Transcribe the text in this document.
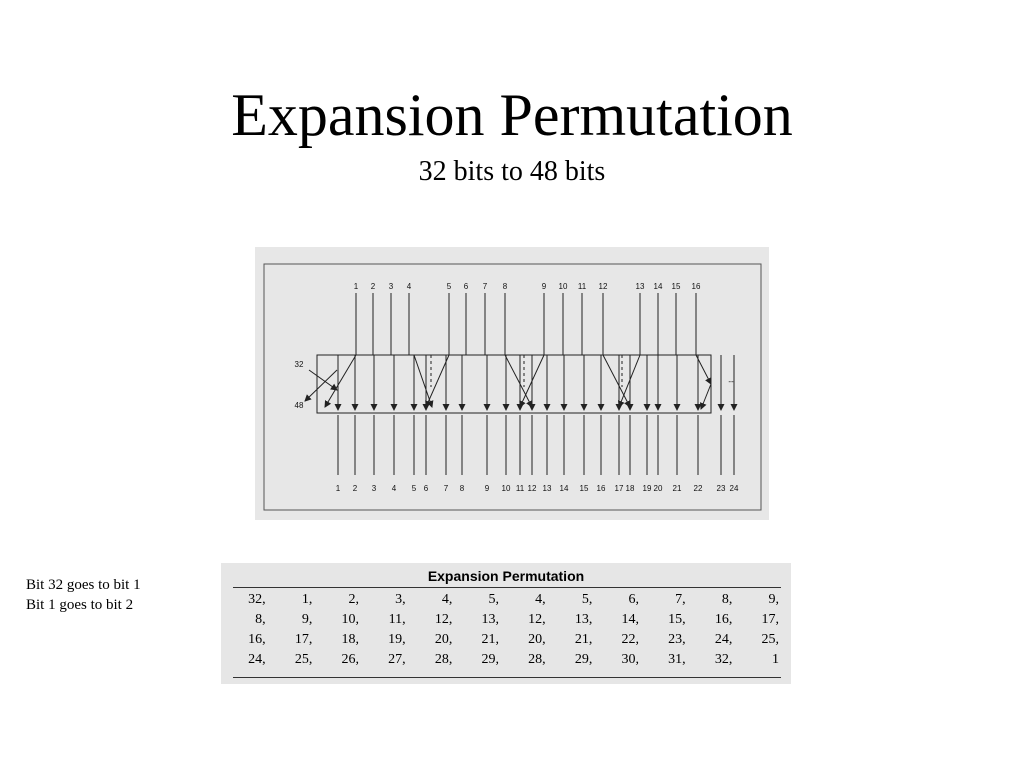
Expansion Permutation
32 bits to 48 bits
1 2 3 4	5 6 7 8	9 10 11 12	13 14 15 16
1 2 3 4 5 6 7 8	9 10 11 12 13 14 15 16 17 18 19 20 21 22 23 24
32
48
--
Bit 32 goes to bit 1
Bit 1 goes to bit 2
Expansion Permutation
32,	1,	2,	3,	4,	5,	4,	5,	6,	7,	8,	9,
8,	9,	10,	11,	12,	13,	12,	13,	14,	15,	16,	17,
16,	17,	18,	19,	20,	21,	20,	21,	22,	23,	24,	25,
24,	25,	26,	27,	28,	29,	28,	29,	30,	31,	32,	1
